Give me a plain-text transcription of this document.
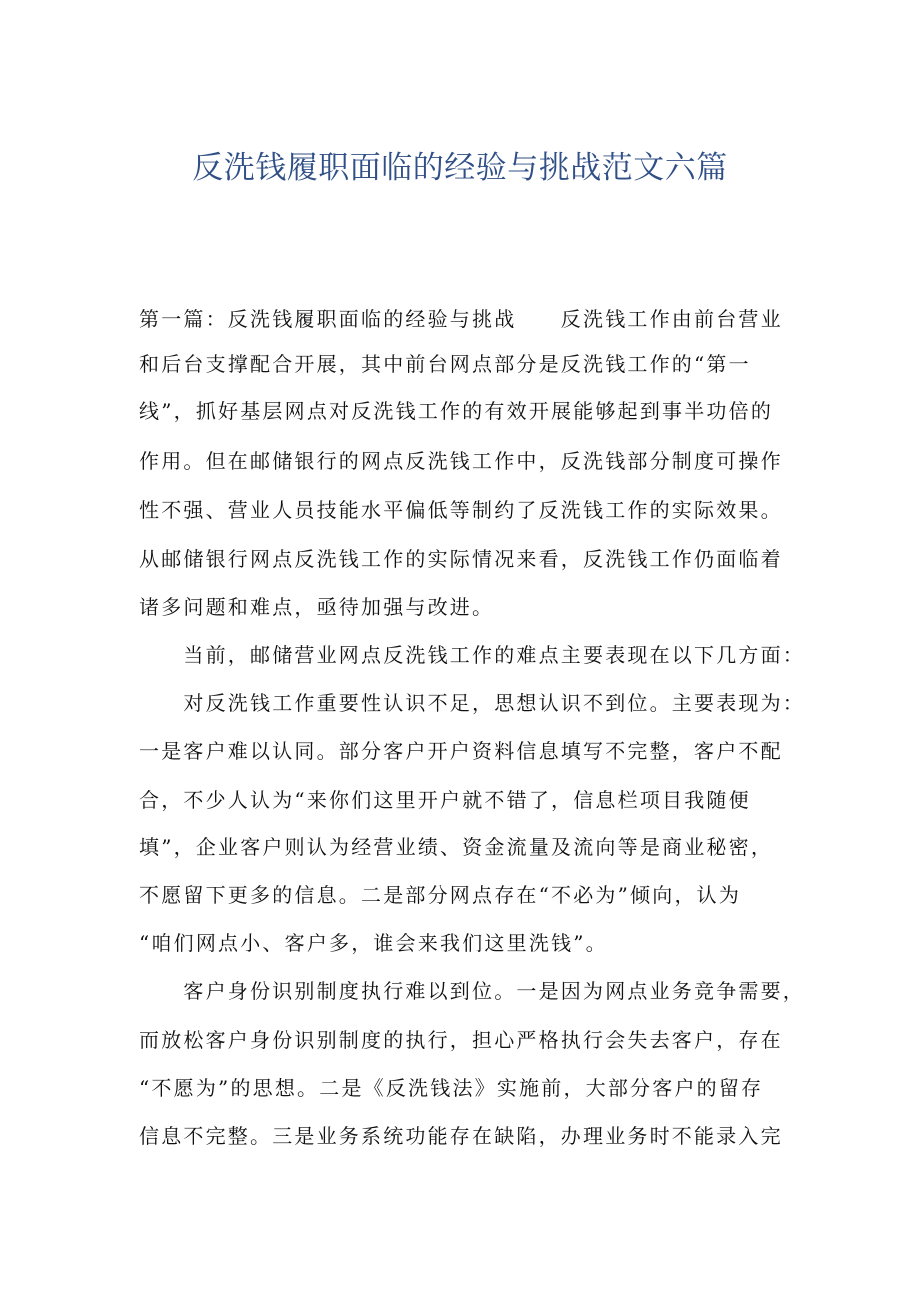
反洗钱履职面临的经验与挑战范文六篇
第一篇：反洗钱履职面临的经验与挑战　　反洗钱工作由前台营业
和后台支撑配合开展，其中前台网点部分是反洗钱工作的“第一
线”，抓好基层网点对反洗钱工作的有效开展能够起到事半功倍的
作用。但在邮储银行的网点反洗钱工作中，反洗钱部分制度可操作
性不强、营业人员技能水平偏低等制约了反洗钱工作的实际效果。
从邮储银行网点反洗钱工作的实际情况来看，反洗钱工作仍面临着
诸多问题和难点，亟待加强与改进。
　　当前，邮储营业网点反洗钱工作的难点主要表现在以下几方面：
　　对反洗钱工作重要性认识不足，思想认识不到位。主要表现为：
一是客户难以认同。部分客户开户资料信息填写不完整，客户不配
合，不少人认为“来你们这里开户就不错了，信息栏项目我随便
填”，企业客户则认为经营业绩、资金流量及流向等是商业秘密，
不愿留下更多的信息。二是部分网点存在“不必为”倾向，认为
“咱们网点小、客户多，谁会来我们这里洗钱”。
　　客户身份识别制度执行难以到位。一是因为网点业务竞争需要，
而放松客户身份识别制度的执行，担心严格执行会失去客户，存在
“不愿为”的思想。二是《反洗钱法》实施前，大部分客户的留存
信息不完整。三是业务系统功能存在缺陷，办理业务时不能录入完
